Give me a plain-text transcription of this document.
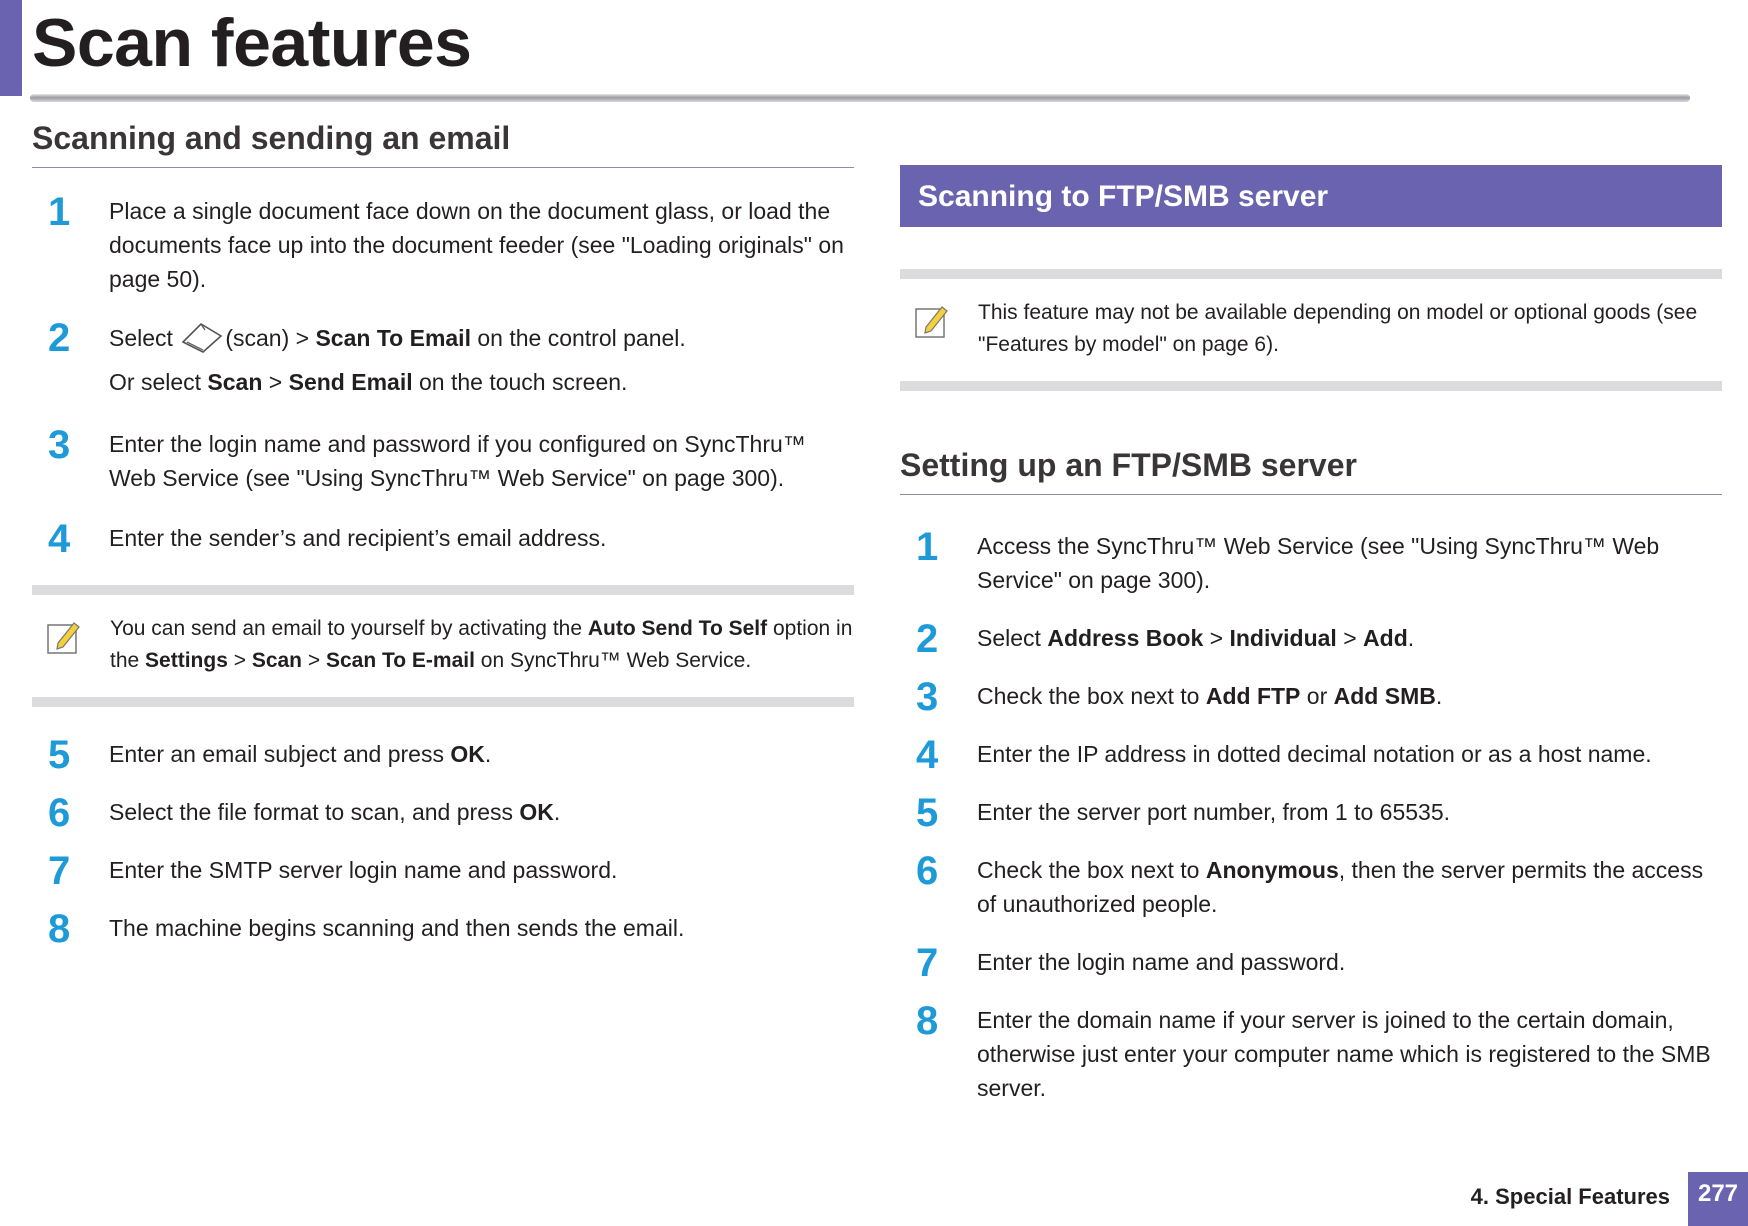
Scan features
Scanning and sending an email
1 Place a single document face down on the document glass, or load the documents face up into the document feeder (see "Loading originals" on page 50).
2 Select (scan) > Scan To Email on the control panel.
Or select Scan > Send Email on the touch screen.
3 Enter the login name and password if you configured on SyncThru™ Web Service (see "Using SyncThru™ Web Service" on page 300).
4 Enter the sender’s and recipient’s email address.
You can send an email to yourself by activating the Auto Send To Self option in the Settings > Scan > Scan To E-mail on SyncThru™ Web Service.
5 Enter an email subject and press OK.
6 Select the file format to scan, and press OK.
7 Enter the SMTP server login name and password.
8 The machine begins scanning and then sends the email.
Scanning to FTP/SMB server
This feature may not be available depending on model or optional goods (see "Features by model" on page 6).
Setting up an FTP/SMB server
1 Access the SyncThru™ Web Service (see "Using SyncThru™ Web Service" on page 300).
2 Select Address Book > Individual > Add.
3 Check the box next to Add FTP or Add SMB.
4 Enter the IP address in dotted decimal notation or as a host name.
5 Enter the server port number, from 1 to 65535.
6 Check the box next to Anonymous, then the server permits the access of unauthorized people.
7 Enter the login name and password.
8 Enter the domain name if your server is joined to the certain domain, otherwise just enter your computer name which is registered to the SMB server.
4. Special Features	277
